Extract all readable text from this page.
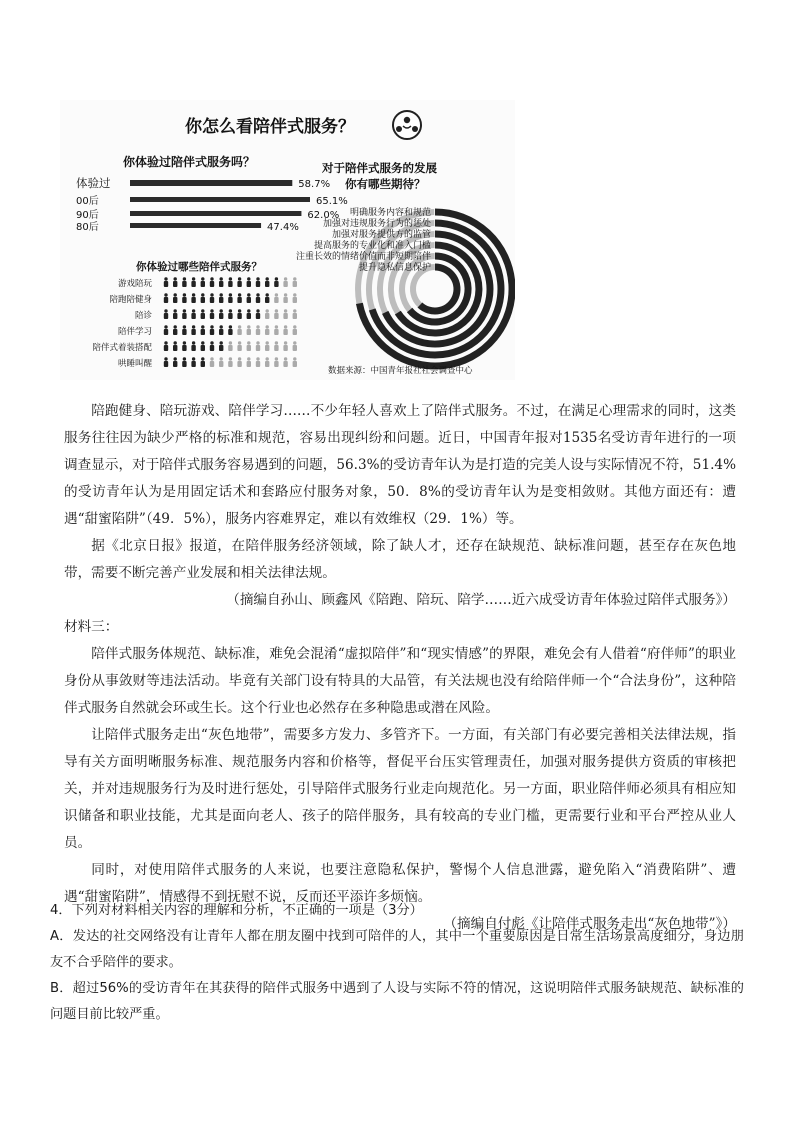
你怎么看陪伴式服务？
你体验过陪伴式服务吗？
体验过	58.7%
00后	65.1%
90后	62.0%
80后	47.4%
你体验过哪些陪伴式服务？
游戏陪玩
陪跑陪健身
陪诊
陪伴学习
陪伴式着装搭配
哄睡叫醒
对于陪伴式服务的发展
你有哪些期待？
明确服务内容和规范
加强对违规服务行为的惩处
加强对服务提供方的监管
提高服务的专业化和准入门槛
注重长效的情绪价值而非短期陪伴
提升隐私信息保护
数据来源：中国青年报社社会调查中心

陪跑健身、陪玩游戏、陪伴学习……不少年轻人喜欢上了陪伴式服务。不过，在满足心理需求的同时，这类服务往往因为缺少严格的标准和规范，容易出现纠纷和问题。近日，中国青年报对1535名受访青年进行的一项调查显示，对于陪伴式服务容易遇到的问题，56.3%的受访青年认为是打造的完美人设与实际情况不符，51.4%的受访青年认为是用固定话术和套路应付服务对象，50．8%的受访青年认为是变相敛财。其他方面还有：遭遇“甜蜜陷阱”（49．5%），服务内容难界定，难以有效维权（29．1%）等。

据《北京日报》报道，在陪伴服务经济领域，除了缺人才，还存在缺规范、缺标准问题，甚至存在灰色地带，需要不断完善产业发展和相关法律法规。

（摘编自孙山、顾鑫风《陪跑、陪玩、陪学……近六成受访青年体验过陪伴式服务》）

材料三：

陪伴式服务体规范、缺标准，难免会混淆“虚拟陪伴”和“现实情感”的界限，难免会有人借着“府伴师”的职业身份从事敛财等违法活动。毕竟有关部门设有特具的大品管，有关法规也没有给陪伴师一个“合法身份”，这种陪伴式服务自然就会环或生长。这个行业也必然存在多种隐患或潜在风险。

让陪伴式服务走出“灰色地带”，需要多方发力、多管齐下。一方面，有关部门有必要完善相关法律法规，指导有关方面明晰服务标准、规范服务内容和价格等，督促平台压实管理责任，加强对服务提供方资质的审核把关，并对违规服务行为及时进行惩处，引导陪伴式服务行业走向规范化。另一方面，职业陪伴师必须具有相应知识储备和职业技能，尤其是面向老人、孩子的陪伴服务，具有较高的专业门槛，更需要行业和平台严控从业人员。

同时，对使用陪伴式服务的人来说，也要注意隐私保护，警惕个人信息泄露，避免陷入“消费陷阱”、遭遇“甜蜜陷阱”，情感得不到抚慰不说，反而还平添许多烦恼。

（摘编自付彪《让陪伴式服务走出“灰色地带”》）

4．下列对材料相关内容的理解和分析，不正确的一项是（3分）

A．发达的社交网络没有让青年人都在朋友圈中找到可陪伴的人，其中一个重要原因是日常生活场景高度细分，身边朋友不合乎陪伴的要求。

B．超过56%的受访青年在其获得的陪伴式服务中遇到了人设与实际不符的情况，这说明陪伴式服务缺规范、缺标准的问题目前比较严重。
